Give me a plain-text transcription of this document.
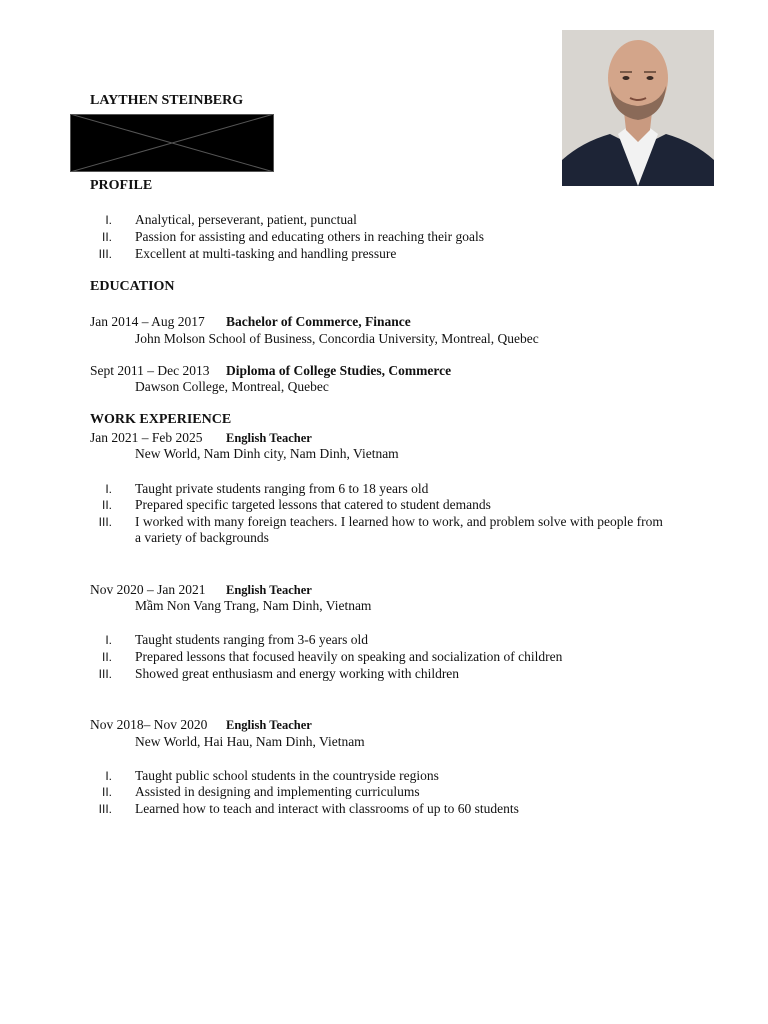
LAYTHEN STEINBERG
PROFILE
I. Analytical, perseverant, patient, punctual
II. Passion for assisting and educating others in reaching their goals
III. Excellent at multi-tasking and handling pressure
EDUCATION
Jan 2014 – Aug 2017 Bachelor of Commerce, Finance
John Molson School of Business, Concordia University, Montreal, Quebec
Sept 2011 – Dec 2013 Diploma of College Studies, Commerce
Dawson College, Montreal, Quebec
WORK EXPERIENCE
Jan 2021 – Feb 2025 English Teacher
New World, Nam Dinh city, Nam Dinh, Vietnam
I. Taught private students ranging from 6 to 18 years old
II. Prepared specific targeted lessons that catered to student demands
III. I worked with many foreign teachers. I learned how to work, and problem solve with people from
a variety of backgrounds
Nov 2020 – Jan 2021 English Teacher
Mầm Non Vang Trang, Nam Dinh, Vietnam
I. Taught students ranging from 3-6 years old
II. Prepared lessons that focused heavily on speaking and socialization of children
III. Showed great enthusiasm and energy working with children
Nov 2018– Nov 2020 English Teacher
New World, Hai Hau, Nam Dinh, Vietnam
I. Taught public school students in the countryside regions
II. Assisted in designing and implementing curriculums
III. Learned how to teach and interact with classrooms of up to 60 students
